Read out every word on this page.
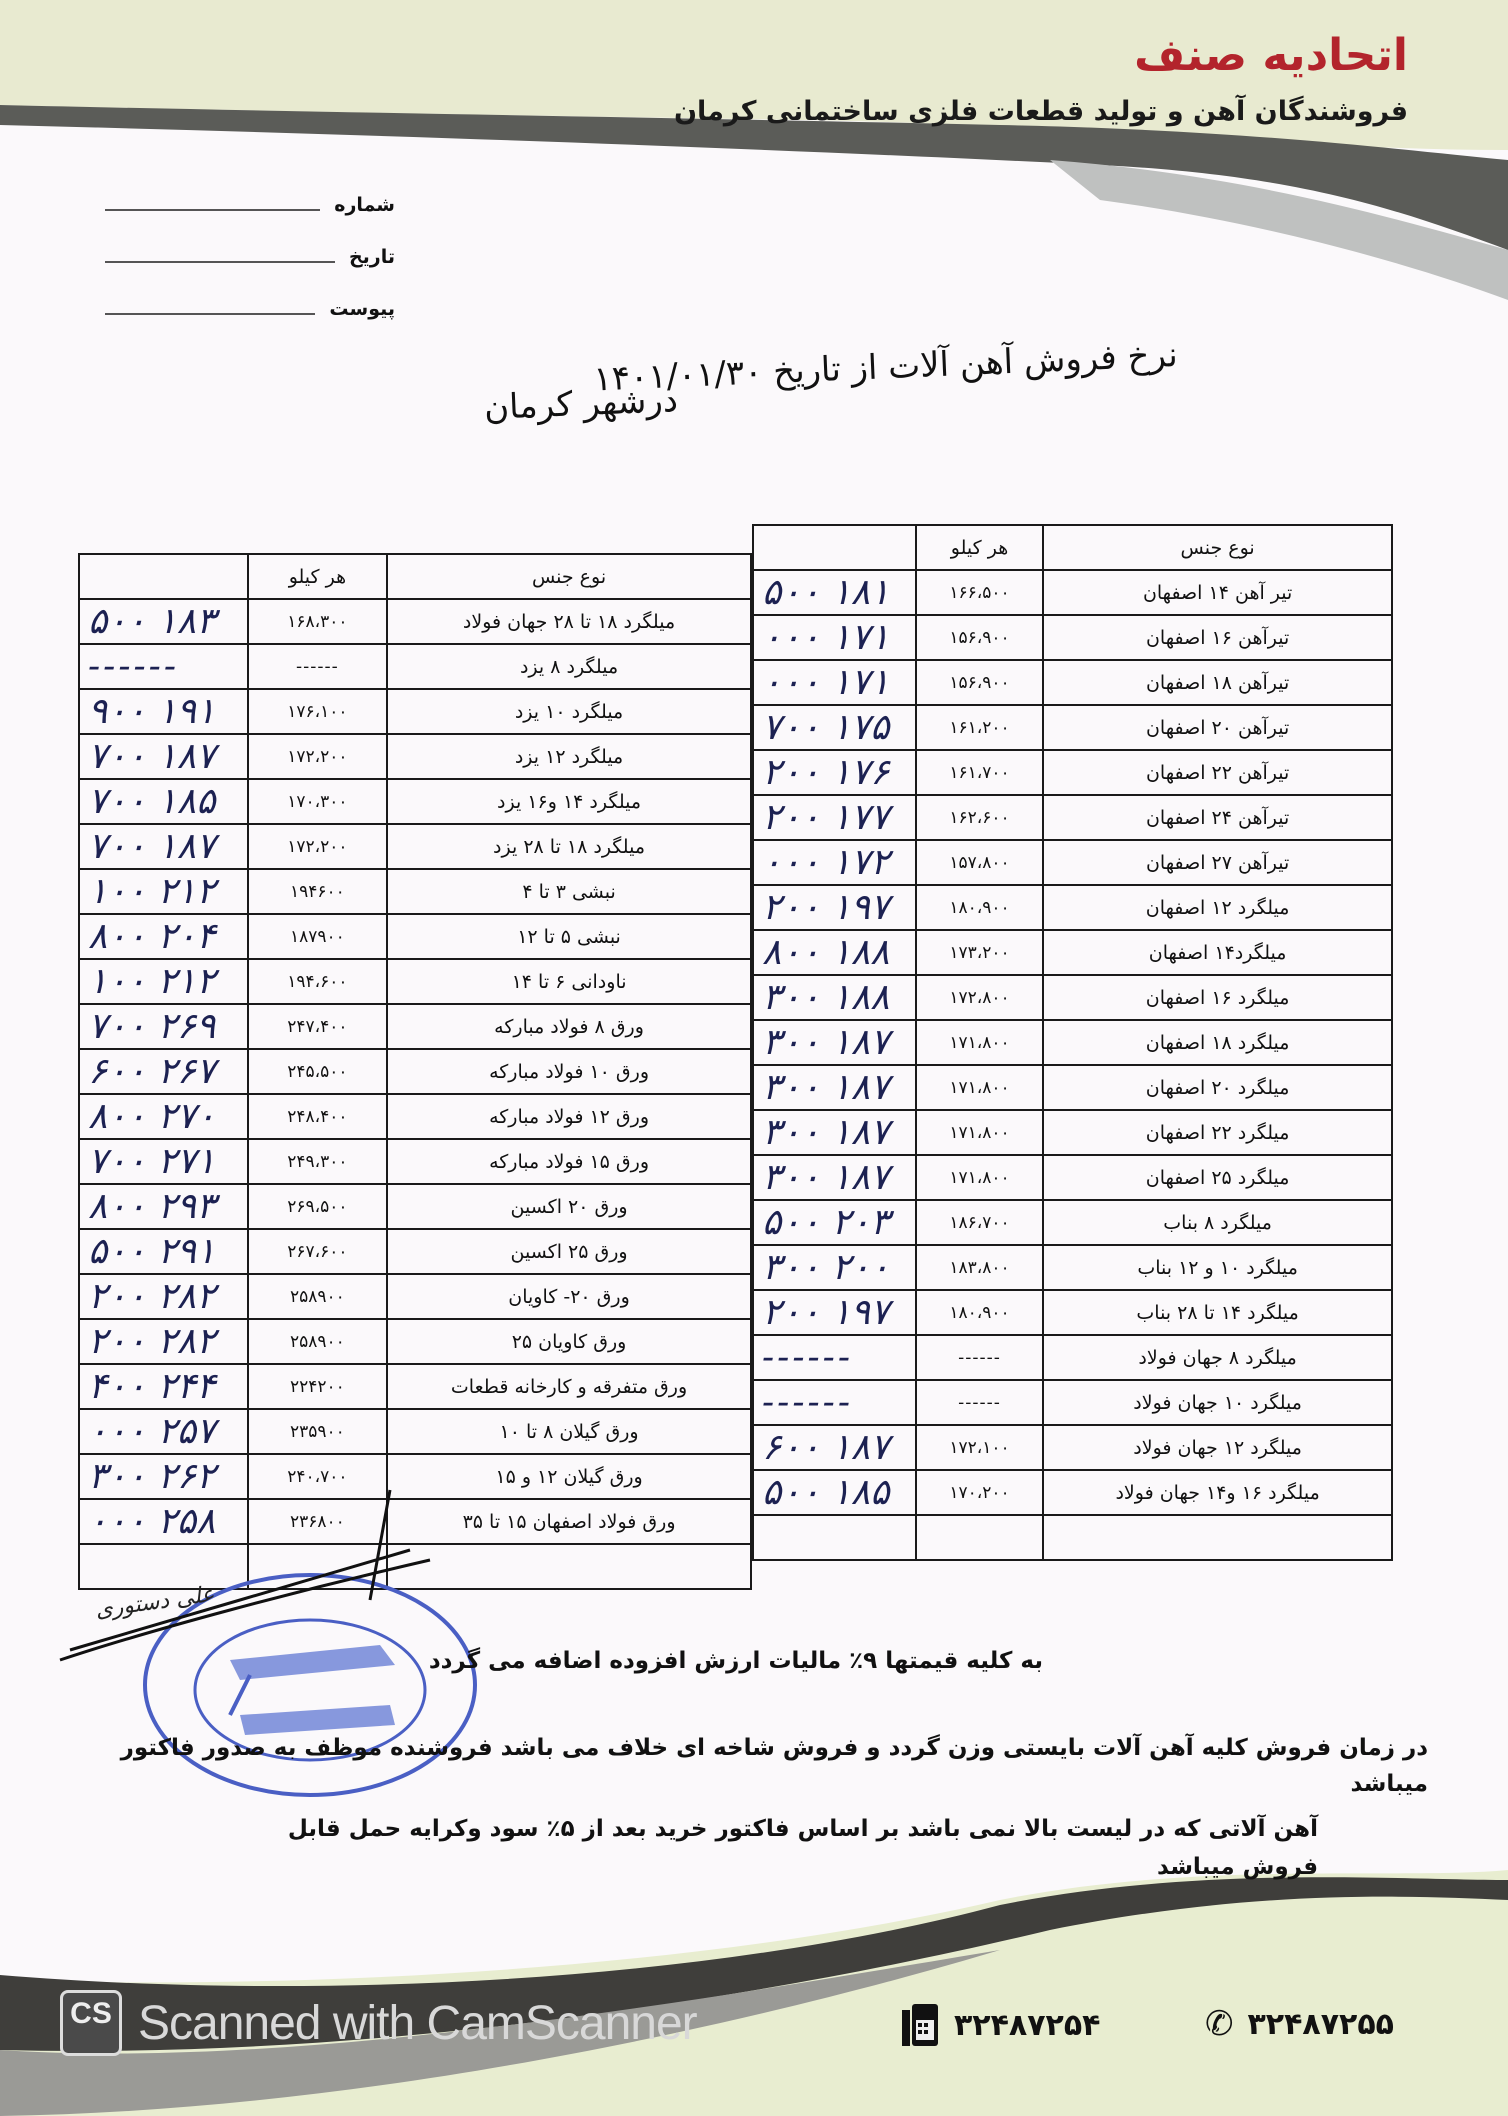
اتحادیه صنف
فروشندگان آهن و تولید قطعات فلزی ساختمانی کرمان
شماره
تاریخ
پیوست
نرخ فروش آهن آلات از تاریخ ۱۴۰۱/۰۱/۳۰
درشهر کرمان
نوع جنس	هر کیلو	
تیر آهن ۱۴ اصفهان	۱۶۶،۵۰۰	۱۸۱ ۵۰۰
تیرآهن ۱۶ اصفهان	۱۵۶،۹۰۰	۱۷۱ ۰۰۰
تیرآهن ۱۸ اصفهان	۱۵۶،۹۰۰	۱۷۱ ۰۰۰
تیرآهن ۲۰ اصفهان	۱۶۱،۲۰۰	۱۷۵ ۷۰۰
تیرآهن ۲۲ اصفهان	۱۶۱،۷۰۰	۱۷۶ ۲۰۰
تیرآهن ۲۴ اصفهان	۱۶۲،۶۰۰	۱۷۷ ۲۰۰
تیرآهن ۲۷ اصفهان	۱۵۷،۸۰۰	۱۷۲ ۰۰۰
میلگرد ۱۲ اصفهان	۱۸۰،۹۰۰	۱۹۷ ۲۰۰
میلگرد۱۴ اصفهان	۱۷۳،۲۰۰	۱۸۸ ۸۰۰
میلگرد ۱۶ اصفهان	۱۷۲،۸۰۰	۱۸۸ ۳۰۰
میلگرد ۱۸ اصفهان	۱۷۱،۸۰۰	۱۸۷ ۳۰۰
میلگرد ۲۰ اصفهان	۱۷۱،۸۰۰	۱۸۷ ۳۰۰
میلگرد ۲۲ اصفهان	۱۷۱،۸۰۰	۱۸۷ ۳۰۰
میلگرد ۲۵ اصفهان	۱۷۱،۸۰۰	۱۸۷ ۳۰۰
میلگرد ۸ بناب	۱۸۶،۷۰۰	۲۰۳ ۵۰۰
میلگرد ۱۰ و ۱۲ بناب	۱۸۳،۸۰۰	۲۰۰ ۳۰۰
میلگرد ۱۴ تا ۲۸ بناب	۱۸۰،۹۰۰	۱۹۷ ۲۰۰
میلگرد ۸ جهان فولاد	------	------
میلگرد ۱۰ جهان فولاد	------	------
میلگرد ۱۲ جهان فولاد	۱۷۲،۱۰۰	۱۸۷ ۶۰۰
میلگرد ۱۶ و۱۴ جهان فولاد	۱۷۰،۲۰۰	۱۸۵ ۵۰۰

نوع جنس	هر کیلو	
میلگرد ۱۸ تا ۲۸ جهان فولاد	۱۶۸،۳۰۰	۱۸۳ ۵۰۰
میلگرد ۸ یزد	------	------
میلگرد ۱۰ یزد	۱۷۶،۱۰۰	۱۹۱ ۹۰۰
میلگرد ۱۲ یزد	۱۷۲،۲۰۰	۱۸۷ ۷۰۰
میلگرد ۱۴ و۱۶ یزد	۱۷۰،۳۰۰	۱۸۵ ۷۰۰
میلگرد ۱۸ تا ۲۸ یزد	۱۷۲،۲۰۰	۱۸۷ ۷۰۰
نبشی ۳ تا ۴	۱۹۴۶۰۰	۲۱۲ ۱۰۰
نبشی ۵ تا ۱۲	۱۸۷۹۰۰	۲۰۴ ۸۰۰
ناودانی ۶ تا ۱۴	۱۹۴،۶۰۰	۲۱۲ ۱۰۰
ورق ۸ فولاد مبارکه	۲۴۷،۴۰۰	۲۶۹ ۷۰۰
ورق ۱۰ فولاد مبارکه	۲۴۵،۵۰۰	۲۶۷ ۶۰۰
ورق ۱۲ فولاد مبارکه	۲۴۸،۴۰۰	۲۷۰ ۸۰۰
ورق ۱۵ فولاد مبارکه	۲۴۹،۳۰۰	۲۷۱ ۷۰۰
ورق ۲۰ اکسین	۲۶۹،۵۰۰	۲۹۳ ۸۰۰
ورق ۲۵ اکسین	۲۶۷،۶۰۰	۲۹۱ ۵۰۰
ورق ۲۰- کاویان	۲۵۸۹۰۰	۲۸۲ ۲۰۰
ورق کاویان ۲۵	۲۵۸۹۰۰	۲۸۲ ۲۰۰
ورق متفرقه و کارخانه قطعات	۲۲۴۲۰۰	۲۴۴ ۴۰۰
ورق گیلان ۸ تا ۱۰	۲۳۵۹۰۰	۲۵۷ ۰۰۰
ورق گیلان ۱۲ و ۱۵	۲۴۰،۷۰۰	۲۶۲ ۳۰۰
ورق فولاد اصفهان ۱۵ تا ۳۵	۲۳۶۸۰۰	۲۵۸ ۰۰۰

علی دستوری
به کلیه قیمتها ۹٪ مالیات ارزش افزوده اضافه می گردد
در زمان فروش کلیه آهن آلات بایستی وزن گردد و فروش شاخه ای خلاف می باشد فروشنده موظف به صدور فاکتور میباشد
آهن آلاتی که در لیست بالا نمی باشد بر اساس فاکتور خرید بعد از ۵٪ سود وکرایه حمل قابل فروش میباشد
CS Scanned with CamScanner	۳۲۴۸۷۲۵۴	✆ ۳۲۴۸۷۲۵۵
